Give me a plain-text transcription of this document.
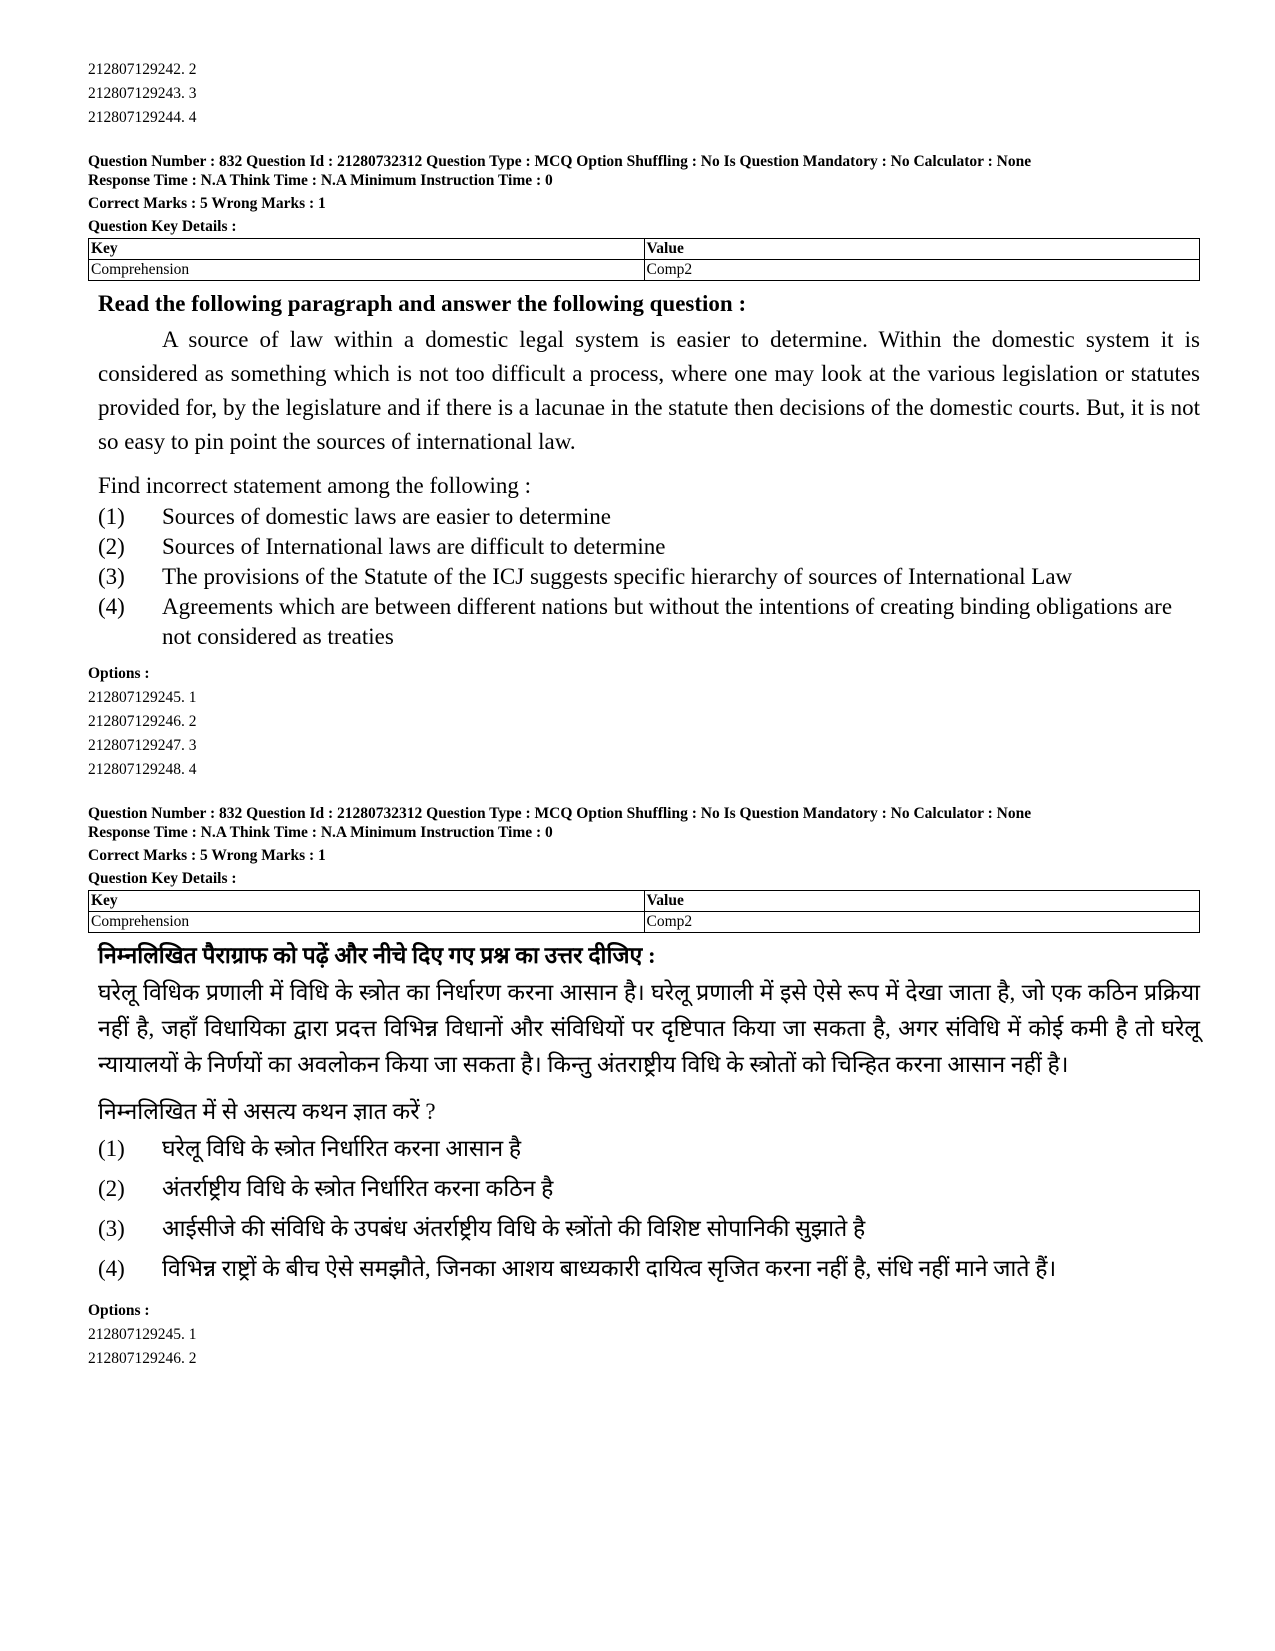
212807129242. 2
212807129243. 3
212807129244. 4
Question Number : 832 Question Id : 21280732312 Question Type : MCQ Option Shuffling : No Is Question Mandatory : No Calculator : None
Response Time : N.A Think Time : N.A Minimum Instruction Time : 0
Correct Marks : 5 Wrong Marks : 1
Question Key Details :
Key	Value
Comprehension	Comp2
Read the following paragraph and answer the following question :
A source of law within a domestic legal system is easier to determine. Within the domestic system it is considered as something which is not too difficult a process, where one may look at the various legislation or statutes provided for, by the legislature and if there is a lacunae in the statute then decisions of the domestic courts. But, it is not so easy to pin point the sources of international law.
Find incorrect statement among the following :
(1)	Sources of domestic laws are easier to determine
(2)	Sources of International laws are difficult to determine
(3)	The provisions of the Statute of the ICJ suggests specific hierarchy of sources of International Law
(4)	Agreements which are between different nations but without the intentions of creating binding obligations are not considered as treaties
Options :
212807129245. 1
212807129246. 2
212807129247. 3
212807129248. 4
Question Number : 832 Question Id : 21280732312 Question Type : MCQ Option Shuffling : No Is Question Mandatory : No Calculator : None
Response Time : N.A Think Time : N.A Minimum Instruction Time : 0
Correct Marks : 5 Wrong Marks : 1
Question Key Details :
Key	Value
Comprehension	Comp2
निम्नलिखित पैराग्राफ को पढ़ें और नीचे दिए गए प्रश्न का उत्तर दीजिए :
घरेलू विधिक प्रणाली में विधि के स्त्रोत का निर्धारण करना आसान है। घरेलू प्रणाली में इसे ऐसे रूप में देखा जाता है, जो एक कठिन प्रक्रिया नहीं है, जहाँ विधायिका द्वारा प्रदत्त विभिन्न विधानों और संविधियों पर दृष्टिपात किया जा सकता है, अगर संविधि में कोई कमी है तो घरेलू न्यायालयों के निर्णयों का अवलोकन किया जा सकता है। किन्तु अंतराष्ट्रीय विधि के स्त्रोतों को चिन्हित करना आसान नहीं है।
निम्नलिखित में से असत्य कथन ज्ञात करें ?
(1)	घरेलू विधि के स्त्रोत निर्धारित करना आसान है
(2)	अंतर्राष्ट्रीय विधि के स्त्रोत निर्धारित करना कठिन है
(3)	आईसीजे की संविधि के उपबंध अंतर्राष्ट्रीय विधि के स्त्रोंतो की विशिष्ट सोपानिकी सुझाते है
(4)	विभिन्न राष्ट्रों के बीच ऐसे समझौते, जिनका आशय बाध्यकारी दायित्व सृजित करना नहीं है, संधि नहीं माने जाते हैं।
Options :
212807129245. 1
212807129246. 2
